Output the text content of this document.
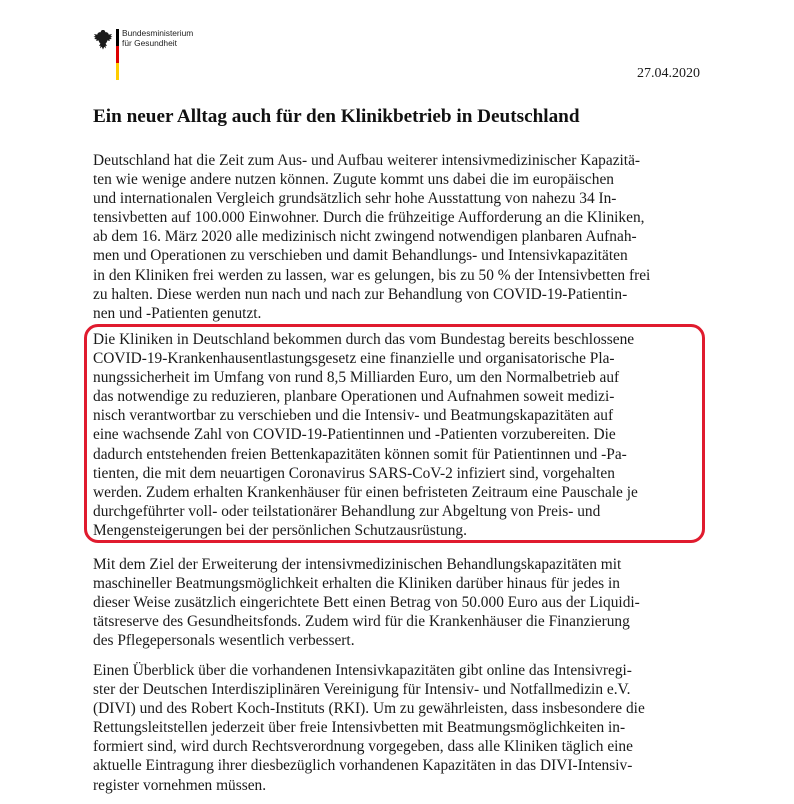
Bundesministerium
für Gesundheit
27.04.2020
Ein neuer Alltag auch für den Klinikbetrieb in Deutschland
Deutschland hat die Zeit zum Aus- und Aufbau weiterer intensivmedizinischer Kapazitä-
ten wie wenige andere nutzen können. Zugute kommt uns dabei die im europäischen
und internationalen Vergleich grundsätzlich sehr hohe Ausstattung von nahezu 34 In-
tensivbetten auf 100.000 Einwohner. Durch die frühzeitige Aufforderung an die Kliniken,
ab dem 16. März 2020 alle medizinisch nicht zwingend notwendigen planbaren Aufnah-
men und Operationen zu verschieben und damit Behandlungs- und Intensivkapazitäten
in den Kliniken frei werden zu lassen, war es gelungen, bis zu 50 % der Intensivbetten frei
zu halten. Diese werden nun nach und nach zur Behandlung von COVID-19-Patientin-
nen und -Patienten genutzt.
Die Kliniken in Deutschland bekommen durch das vom Bundestag bereits beschlossene
COVID-19-Krankenhausentlastungsgesetz eine finanzielle und organisatorische Pla-
nungssicherheit im Umfang von rund 8,5 Milliarden Euro, um den Normalbetrieb auf
das notwendige zu reduzieren, planbare Operationen und Aufnahmen soweit medizi-
nisch verantwortbar zu verschieben und die Intensiv- und Beatmungskapazitäten auf
eine wachsende Zahl von COVID-19-Patientinnen und -Patienten vorzubereiten. Die
dadurch entstehenden freien Bettenkapazitäten können somit für Patientinnen und -Pa-
tienten, die mit dem neuartigen Coronavirus SARS-CoV-2 infiziert sind, vorgehalten
werden. Zudem erhalten Krankenhäuser für einen befristeten Zeitraum eine Pauschale je
durchgeführter voll- oder teilstationärer Behandlung zur Abgeltung von Preis- und
Mengensteigerungen bei der persönlichen Schutzausrüstung.
Mit dem Ziel der Erweiterung der intensivmedizinischen Behandlungskapazitäten mit
maschineller Beatmungsmöglichkeit erhalten die Kliniken darüber hinaus für jedes in
dieser Weise zusätzlich eingerichtete Bett einen Betrag von 50.000 Euro aus der Liquidi-
tätsreserve des Gesundheitsfonds. Zudem wird für die Krankenhäuser die Finanzierung
des Pflegepersonals wesentlich verbessert.
Einen Überblick über die vorhandenen Intensivkapazitäten gibt online das Intensivregi-
ster der Deutschen Interdisziplinären Vereinigung für Intensiv- und Notfallmedizin e.V.
(DIVI) und des Robert Koch-Instituts (RKI). Um zu gewährleisten, dass insbesondere die
Rettungsleitstellen jederzeit über freie Intensivbetten mit Beatmungsmöglichkeiten in-
formiert sind, wird durch Rechtsverordnung vorgegeben, dass alle Kliniken täglich eine
aktuelle Eintragung ihrer diesbezüglich vorhandenen Kapazitäten in das DIVI-Intensiv-
register vornehmen müssen.
